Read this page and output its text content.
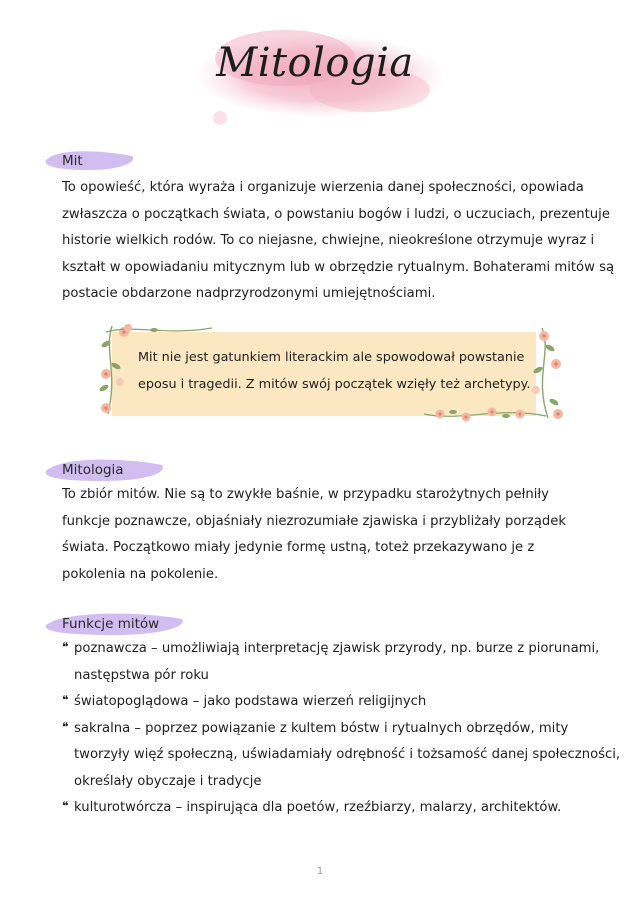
Mitologia
Mit
To opowieść, która wyraża i organizuje wierzenia danej społeczności, opowiada
zwłaszcza o początkach świata, o powstaniu bogów i ludzi, o uczuciach, prezentuje
historie wielkich rodów. To co niejasne, chwiejne, nieokreślone otrzymuje wyraz i
kształt w opowiadaniu mitycznym lub w obrzędzie rytualnym. Bohaterami mitów są
postacie obdarzone nadprzyrodzonymi umiejętnościami.
Mit nie jest gatunkiem literackim ale spowodował powstanie
eposu i tragedii. Z mitów swój początek wzięły też archetypy.
Mitologia
To zbiór mitów. Nie są to zwykłe baśnie, w przypadku starożytnych pełniły
funkcje poznawcze, objaśniały niezrozumiałe zjawiska i przybliżały porządek
świata. Początkowo miały jedynie formę ustną, toteż przekazywano je z
pokolenia na pokolenie.
Funkcje mitów
❝ poznawcza – umożliwiają interpretację zjawisk przyrody, np. burze z piorunami,
następstwa pór roku
❝ światopoglądowa – jako podstawa wierzeń religijnych
❝ sakralna – poprzez powiązanie z kultem bóstw i rytualnych obrzędów, mity
tworzyły więź społeczną, uświadamiały odrębność i tożsamość danej społeczności,
określały obyczaje i tradycje
❝ kulturotwórcza – inspirująca dla poetów, rzeźbiarzy, malarzy, architektów.
1
